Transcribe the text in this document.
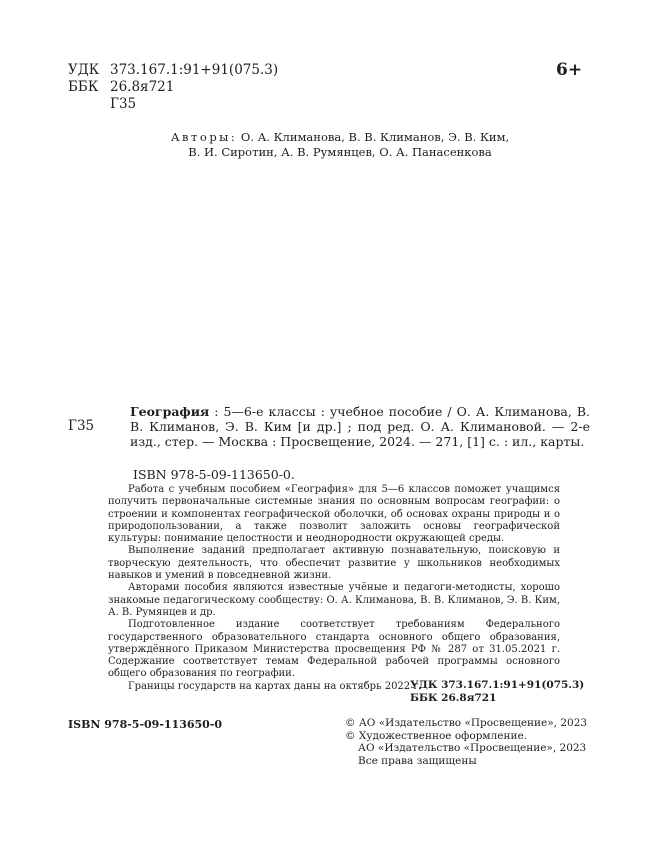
УДК 373.167.1:91+91(075.3)
ББК 26.8я721
Г35
6+
Авторы: О. А. Климанова, В. В. Климанов, Э. В. Ким,
В. И. Сиротин, А. В. Румянцев, О. А. Панасенкова
Г35
География : 5—6-е классы : учебное пособие / О. А. Климанова, В. В. Климанов, Э. В. Ким [и др.] ; под ред. О. А. Климановой. — 2-е изд., стер. — Москва : Просвещение, 2024. — 271, [1] с. : ил., карты.
ISBN 978-5-09-113650-0.

Работа с учебным пособием «География» для 5—6 классов поможет учащимся получить первоначальные системные знания по основным вопросам географии: о строении и компонентах географической оболочки, об основах охраны природы и о природопользовании, а также позволит заложить основы географической культуры: понимание целостности и неоднородности окружающей среды.

Выполнение заданий предполагает активную познавательную, поисковую и творческую деятельность, что обеспечит развитие у школьников необходимых навыков и умений в повседневной жизни.

Авторами пособия являются известные учёные и педагоги-методисты, хорошо знакомые педагогическому сообществу: О. А. Климанова, В. В. Климанов, Э. В. Ким, А. В. Румянцев и др.

Подготовленное издание соответствует требованиям Федерального государственного образовательного стандарта основного общего образования, утверждённого Приказом Министерства просвещения РФ № 287 от 31.05.2021 г. Содержание соответствует темам Федеральной рабочей программы основного общего образования по географии.

Границы государств на картах даны на октябрь 2022 г.

УДК 373.167.1:91+91(075.3)
ББК 26.8я721
ISBN 978-5-09-113650-0	© АО «Издательство «Просвещение», 2023
© Художественное оформление.
АО «Издательство «Просвещение», 2023
Все права защищены
